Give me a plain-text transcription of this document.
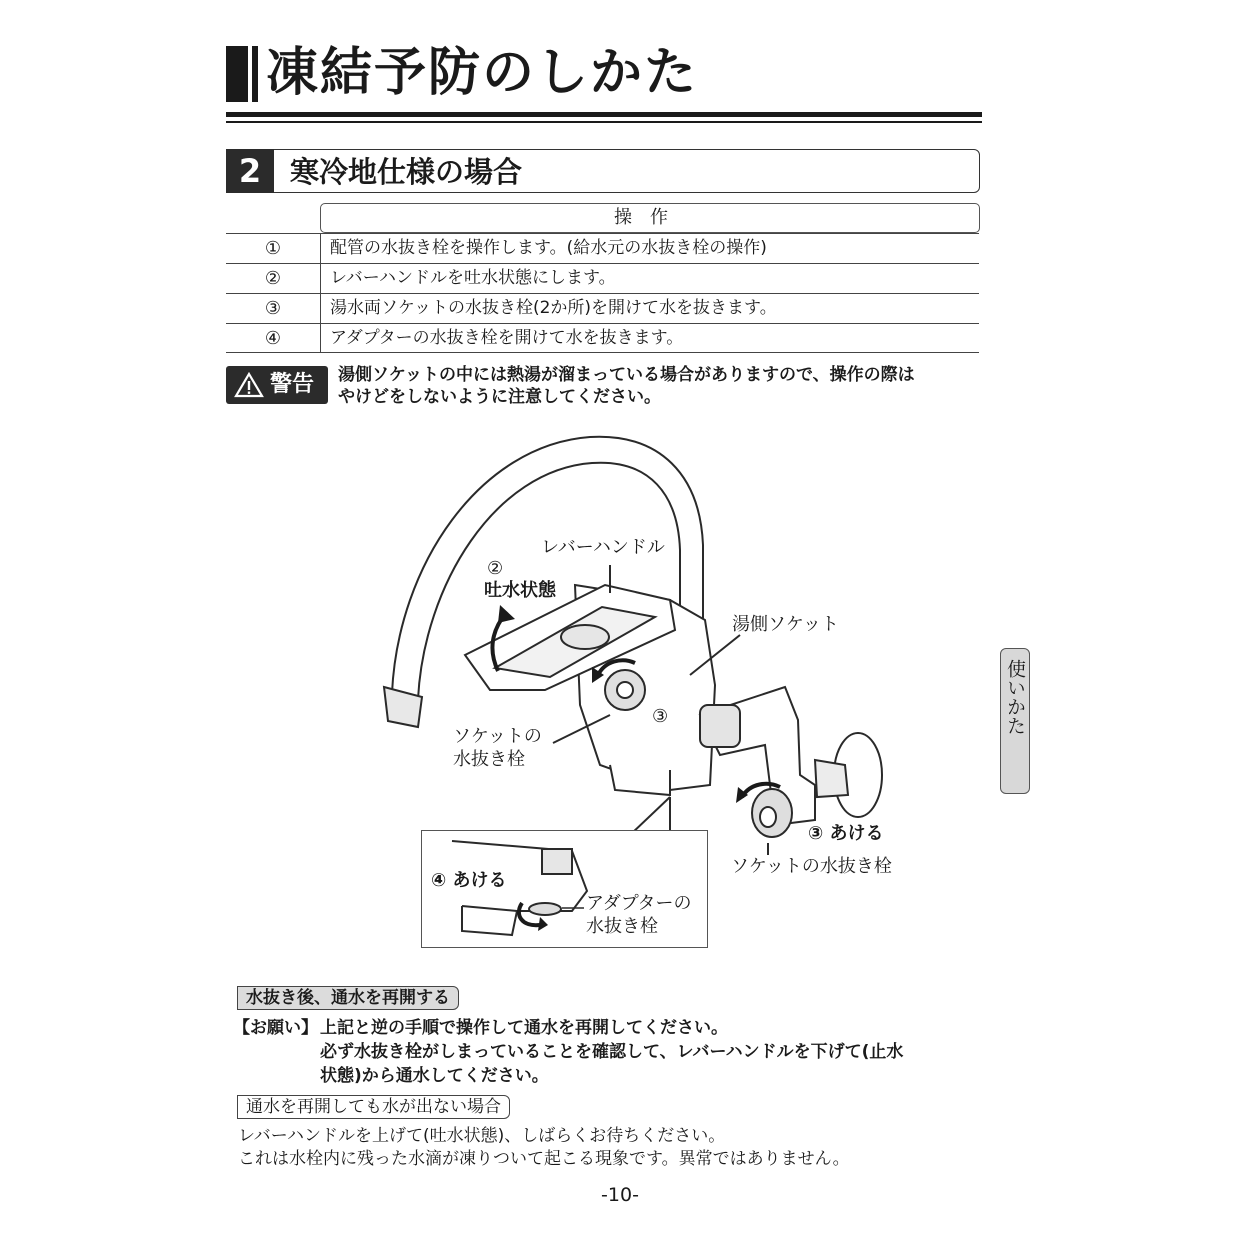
凍結予防のしかた
2 寒冷地仕様の場合
操作
①	配管の水抜き栓を操作します。(給水元の水抜き栓の操作)
②	レバーハンドルを吐水状態にします。
③	湯水両ソケットの水抜き栓(2か所)を開けて水を抜きます。
④	アダプターの水抜き栓を開けて水を抜きます。
警告 湯側ソケットの中には熱湯が溜まっている場合がありますので、操作の際は
やけどをしないように注意してください。
レバーハンドル
②
吐水状態
湯側ソケット
③
ソケットの
水抜き栓
③ あける
ソケットの水抜き栓
④ あける
アダプターの
水抜き栓
使いかた
水抜き後、通水を再開する
【お願い】 上記と逆の手順で操作して通水を再開してください。
必ず水抜き栓がしまっていることを確認して、レバーハンドルを下げて(止水
状態)から通水してください。
通水を再開しても水が出ない場合
レバーハンドルを上げて(吐水状態)、しばらくお待ちください。
これは水栓内に残った水滴が凍りついて起こる現象です。異常ではありません。
-10-
